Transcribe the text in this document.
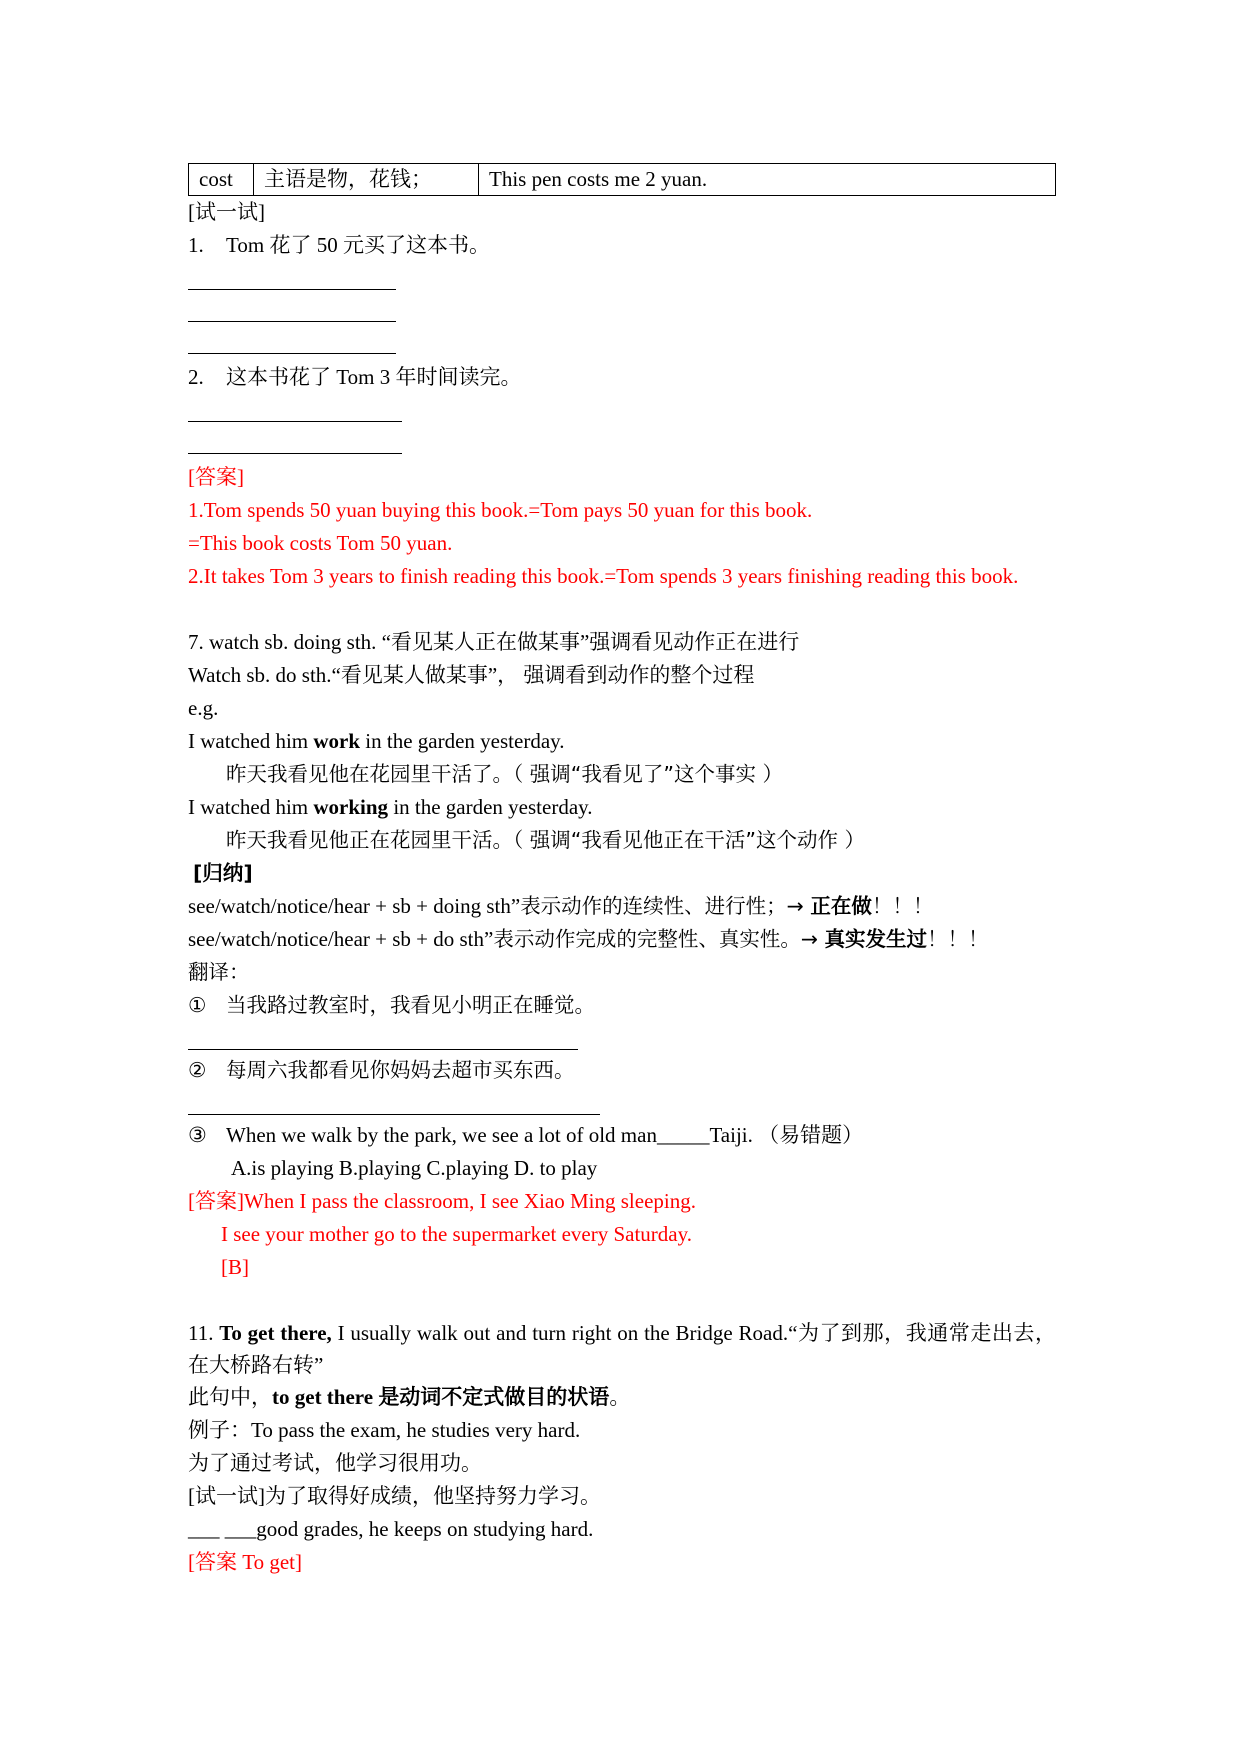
cost	主语是物，花钱；	This pen costs me 2 yuan.
[试一试]
1. Tom 花了 50 元买了这本书。
2. 这本书花了 Tom 3 年时间读完。
[答案]
1.Tom spends 50 yuan buying this book.=Tom pays 50 yuan for this book.
=This book costs Tom 50 yuan.
2.It takes Tom 3 years to finish reading this book.=Tom spends 3 years finishing reading this book.
7. watch sb. doing sth. “看见某人正在做某事”强调看见动作正在进行
Watch sb. do sth.“看见某人做某事”， 强调看到动作的整个过程
e.g.
I watched him work in the garden yesterday.
昨天我看见他在花园里干活了。（ 强调“我看见了”这个事实 ）
I watched him working in the garden yesterday.
昨天我看见他正在花园里干活。（ 强调“我看见他正在干活”这个动作 ）
[归纳]
see/watch/notice/hear + sb + doing sth”表示动作的连续性、进行性；→ 正在做！！！
see/watch/notice/hear + sb + do sth”表示动作完成的完整性、真实性。→ 真实发生过！！！
翻译：
① 当我路过教室时，我看见小明正在睡觉。
② 每周六我都看见你妈妈去超市买东西。
③ When we walk by the park, we see a lot of old man_____Taiji. （易错题）
A.is playing B.playing C.playing D. to play
[答案]When I pass the classroom, I see Xiao Ming sleeping.
I see your mother go to the supermarket every Saturday.
[B]
11. To get there, I usually walk out and turn right on the Bridge Road.“为了到那，我通常走出去，在大桥路右转”
此句中，to get there 是动词不定式做目的状语。
例子：To pass the exam, he studies very hard.
为了通过考试，他学习很用功。
[试一试]为了取得好成绩，他坚持努力学习。
___ ___good grades, he keeps on studying hard.
[答案 To get]
